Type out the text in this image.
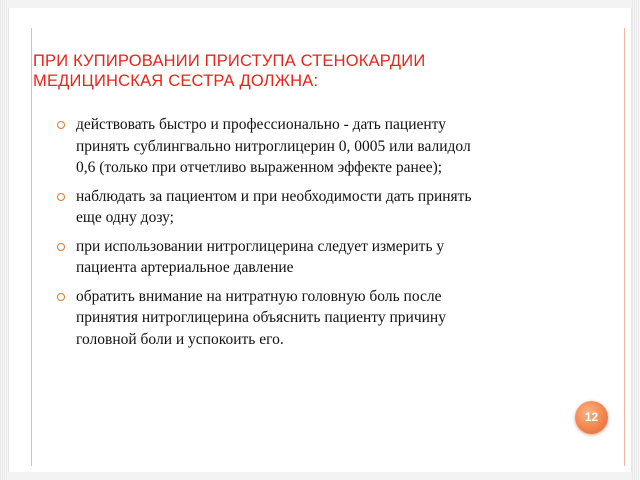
ПРИ КУПИРОВАНИИ ПРИСТУПА СТЕНОКАРДИИ
МЕДИЦИНСКАЯ СЕСТРА ДОЛЖНА:
действовать быстро и профессионально - дать пациенту
принять сублингвально нитроглицерин 0, 0005 или валидол
0,6 (только при отчетливо выраженном эффекте ранее);
наблюдать за пациентом и при необходимости дать принять
еще одну дозу;
при использовании нитроглицерина следует измерить у
пациента артериальное давление
обратить внимание на нитратную головную боль после
принятия нитроглицерина объяснить пациенту причину
головной боли и успокоить его.
12
